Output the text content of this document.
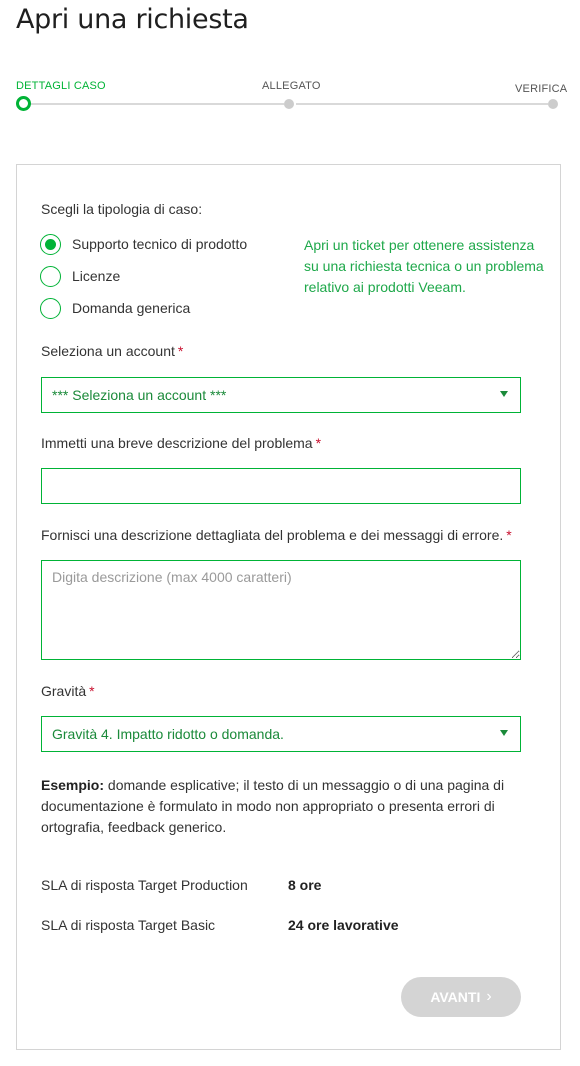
Apri una richiesta
DETTAGLI CASO	ALLEGATO	VERIFICA
Scegli la tipologia di caso:
Supporto tecnico di prodotto
Licenze
Domanda generica
Apri un ticket per ottenere assistenza su una richiesta tecnica o un problema relativo ai prodotti Veeam.
Seleziona un account *
*** Seleziona un account ***
Immetti una breve descrizione del problema *
Fornisci una descrizione dettagliata del problema e dei messaggi di errore. *
Digita descrizione (max 4000 caratteri)
Gravità *
Gravità 4. Impatto ridotto o domanda.
Esempio: domande esplicative; il testo di un messaggio o di una pagina di documentazione è formulato in modo non appropriato o presenta errori di ortografia, feedback generico.
SLA di risposta Target Production	8 ore
SLA di risposta Target Basic	24 ore lavorative
AVANTI ›
